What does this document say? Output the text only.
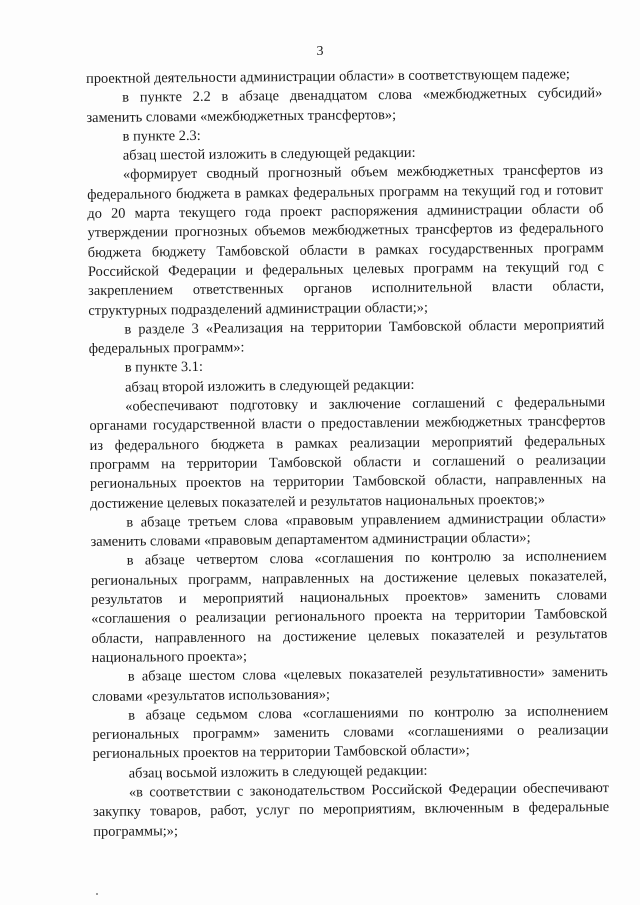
3

проектной деятельности администрации области» в соответствующем падеже;

в пункте 2.2 в абзаце двенадцатом слова «межбюджетных субсидий» заменить словами «межбюджетных трансфертов»;

в пункте 2.3:

абзац шестой изложить в следующей редакции:

«формирует сводный прогнозный объем межбюджетных трансфертов из федерального бюджета в рамках федеральных программ на текущий год и готовит до 20 марта текущего года проект распоряжения администрации области об утверждении прогнозных объемов межбюджетных трансфертов из федерального бюджета бюджету Тамбовской области в рамках государственных программ Российской Федерации и федеральных целевых программ на текущий год с закреплением ответственных органов исполнительной власти области, структурных подразделений администрации области;»;

в разделе 3 «Реализация на территории Тамбовской области мероприятий федеральных программ»:

в пункте 3.1:

абзац второй изложить в следующей редакции:

«обеспечивают подготовку и заключение соглашений с федеральными органами государственной власти о предоставлении межбюджетных трансфертов из федерального бюджета в рамках реализации мероприятий федеральных программ на территории Тамбовской области и соглашений о реализации региональных проектов на территории Тамбовской области, направленных на достижение целевых показателей и результатов национальных проектов;»

в абзаце третьем слова «правовым управлением администрации области» заменить словами «правовым департаментом администрации области»;

в абзаце четвертом слова «соглашения по контролю за исполнением региональных программ, направленных на достижение целевых показателей, результатов и мероприятий национальных проектов» заменить словами «соглашения о реализации регионального проекта на территории Тамбовской области, направленного на достижение целевых показателей и результатов национального проекта»;

в абзаце шестом слова «целевых показателей результативности» заменить словами «результатов использования»;

в абзаце седьмом слова «соглашениями по контролю за исполнением региональных программ» заменить словами «соглашениями о реализации региональных проектов на территории Тамбовской области»;

абзац восьмой изложить в следующей редакции:

«в соответствии с законодательством Российской Федерации обеспечивают закупку товаров, работ, услуг по мероприятиям, включенным в федеральные программы;»;
